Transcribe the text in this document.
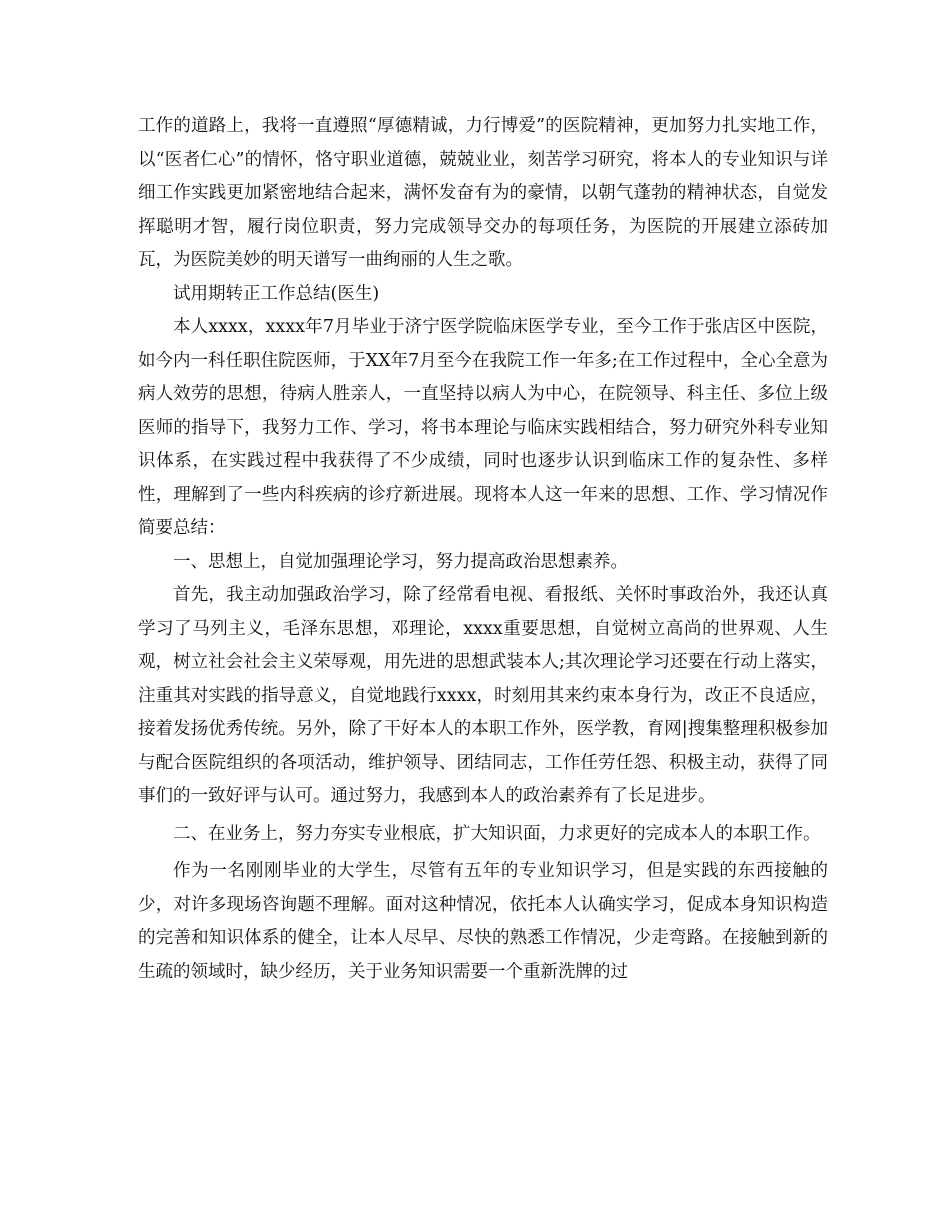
工作的道路上，我将一直遵照“厚德精诚，力行博爱”的医院精神，更加努力扎实地工作，以“医者仁心”的情怀，恪守职业道德，兢兢业业，刻苦学习研究，将本人的专业知识与详细工作实践更加紧密地结合起来，满怀发奋有为的豪情，以朝气蓬勃的精神状态，自觉发挥聪明才智，履行岗位职责，努力完成领导交办的每项任务，为医院的开展建立添砖加瓦，为医院美妙的明天谱写一曲绚丽的人生之歌。

试用期转正工作总结(医生)

本人xxxx，xxxx年7月毕业于济宁医学院临床医学专业，至今工作于张店区中医院，如今内一科任职住院医师，于XX年7月至今在我院工作一年多;在工作过程中，全心全意为病人效劳的思想，待病人胜亲人，一直坚持以病人为中心，在院领导、科主任、多位上级医师的指导下，我努力工作、学习，将书本理论与临床实践相结合，努力研究外科专业知识体系，在实践过程中我获得了不少成绩，同时也逐步认识到临床工作的复杂性、多样性，理解到了一些内科疾病的诊疗新进展。现将本人这一年来的思想、工作、学习情况作简要总结：

一、思想上，自觉加强理论学习，努力提高政治思想素养。

首先，我主动加强政治学习，除了经常看电视、看报纸、关怀时事政治外，我还认真学习了马列主义，毛泽东思想，邓理论，xxxx重要思想，自觉树立高尚的世界观、人生观，树立社会社会主义荣辱观，用先进的思想武装本人;其次理论学习还要在行动上落实，注重其对实践的指导意义，自觉地践行xxxx，时刻用其来约束本身行为，改正不良适应，接着发扬优秀传统。另外，除了干好本人的本职工作外，医学教，育网|搜集整理积极参加与配合医院组织的各项活动，维护领导、团结同志，工作任劳任怨、积极主动，获得了同事们的一致好评与认可。通过努力，我感到本人的政治素养有了长足进步。

二、在业务上，努力夯实专业根底，扩大知识面，力求更好的完成本人的本职工作。

作为一名刚刚毕业的大学生，尽管有五年的专业知识学习，但是实践的东西接触的少，对许多现场咨询题不理解。面对这种情况，依托本人认确实学习，促成本身知识构造的完善和知识体系的健全，让本人尽早、尽快的熟悉工作情况，少走弯路。在接触到新的生疏的领域时，缺少经历，关于业务知识需要一个重新洗牌的过
